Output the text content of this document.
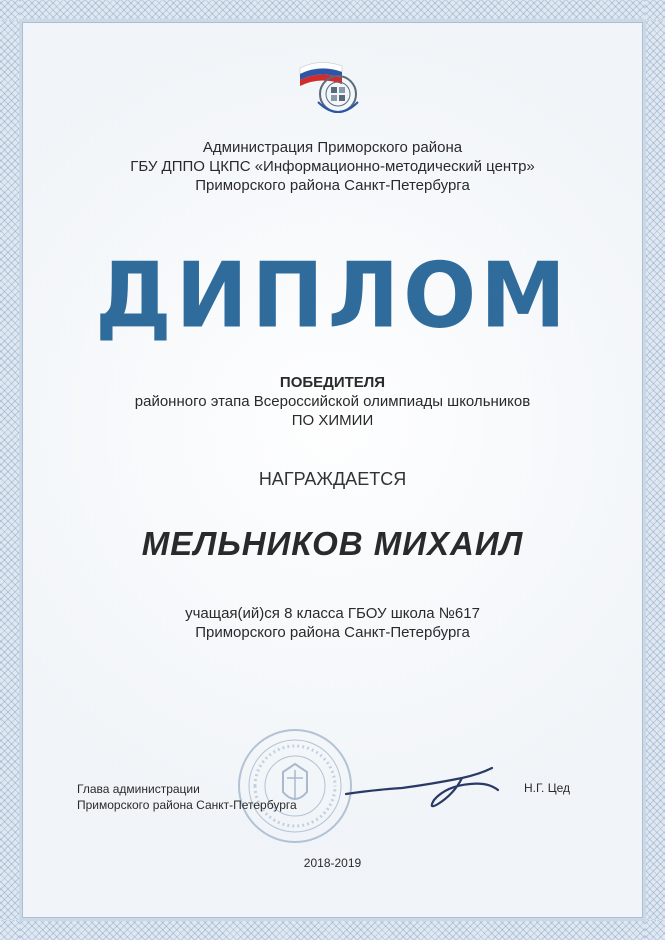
Администрация Приморского района
ГБУ ДППО ЦКПС «Информационно-методический центр»
Приморского района Санкт-Петербурга
ДИПЛОМ
ПОБЕДИТЕЛЯ
районного этапа Всероссийской олимпиады школьников
ПО ХИМИИ
НАГРАЖДАЕТСЯ
МЕЛЬНИКОВ МИХАИЛ
учащая(ий)ся 8 класса ГБОУ школа №617
Приморского района Санкт-Петербурга
Глава администрации
Приморского района Санкт-Петербурга
Н.Г. Цед
2018-2019
